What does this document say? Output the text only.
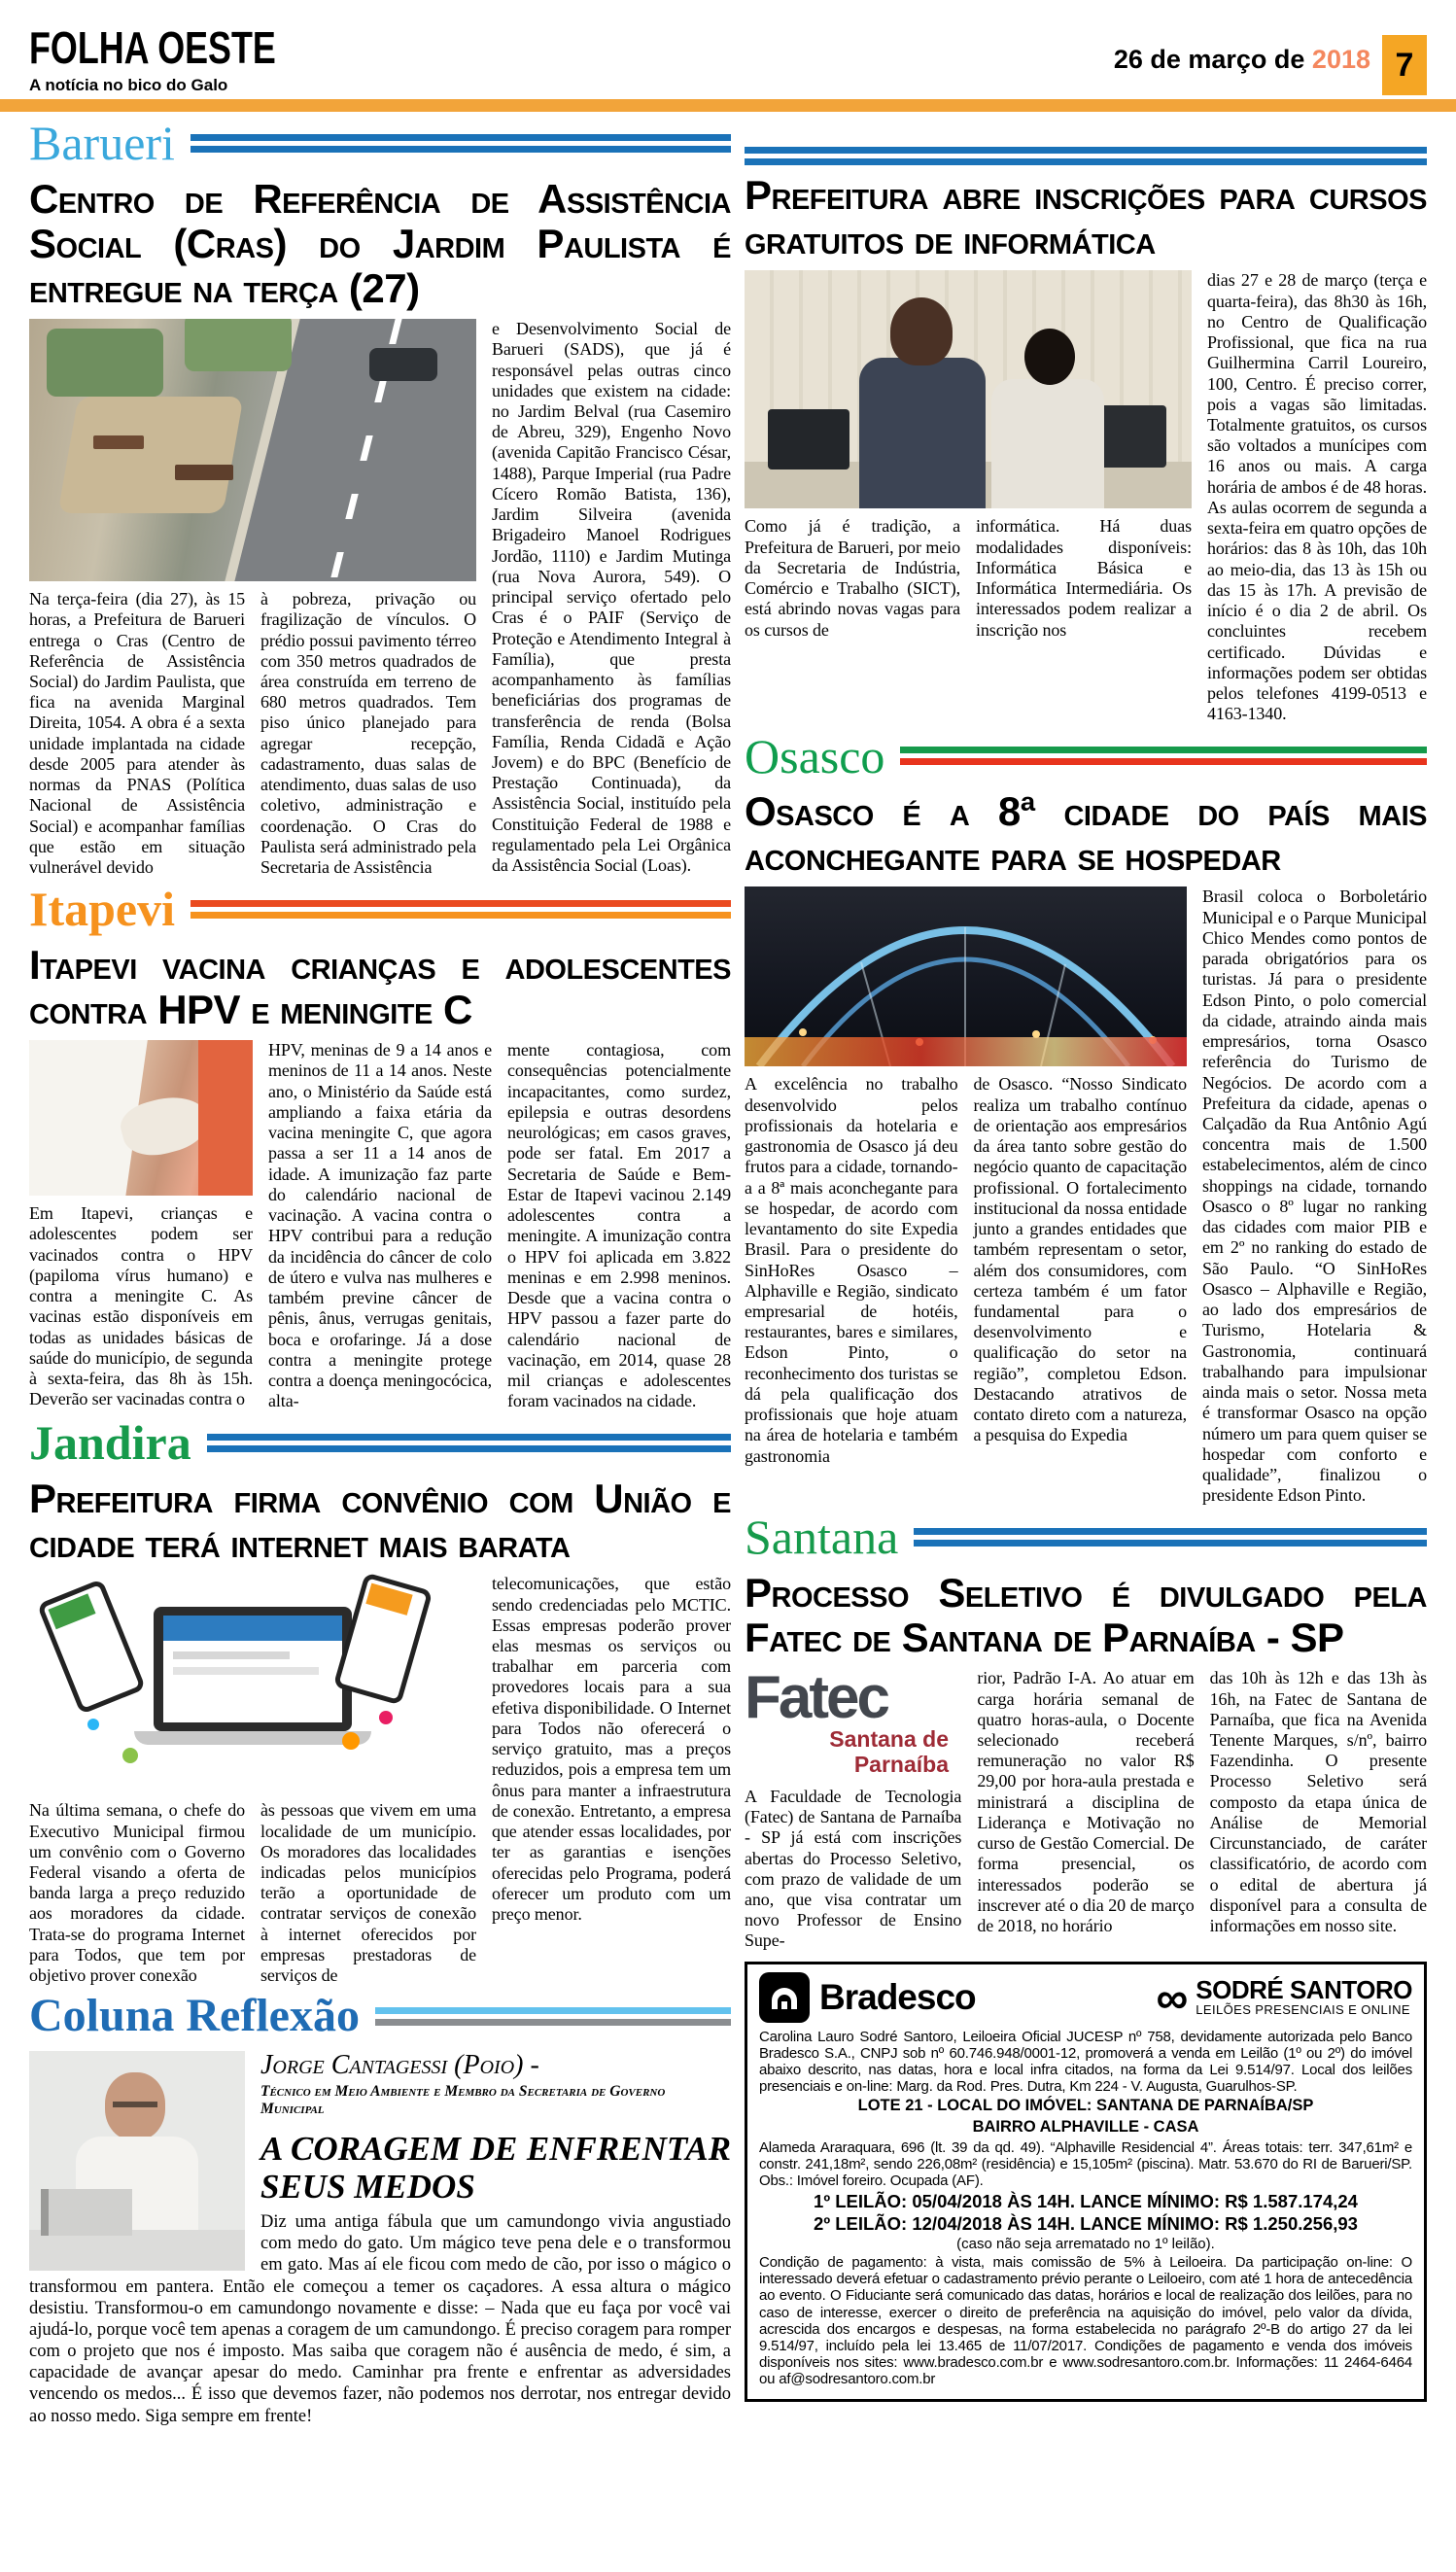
FOLHA OESTE
A notícia no bico do Galo
26 de março de 2018 7
Barueri
Centro de Referência de Assistência Social (Cras) do Jardim Paulista é entregue na terça (27)

Na terça-feira (dia 27), às 15 horas, a Prefeitura de Barueri entrega o Cras (Centro de Referência de Assistência Social) do Jardim Paulista, que fica na avenida Marginal Direita, 1054. A obra é a sexta unidade implantada na cidade desde 2005 para atender às normas da PNAS (Política Nacional de Assistência Social) e acompanhar famílias que estão em situação vulnerável devido

à pobreza, privação ou fragilização de vínculos. O prédio possui pavimento térreo com 350 metros quadrados de área construída em terreno de 680 metros quadrados. Tem piso único planejado para agregar recepção, cadastramento, duas salas de atendimento, duas salas de uso coletivo, administração e coordenação. O Cras do Paulista será administrado pela Secretaria de Assistência

e Desenvolvimento Social de Barueri (SADS), que já é responsável pelas outras cinco unidades que existem na cidade: no Jardim Belval (rua Casemiro de Abreu, 329), Engenho Novo (avenida Capitão Francisco César, 1488), Parque Imperial (rua Padre Cícero Romão Batista, 136), Jardim Silveira (avenida Brigadeiro Manoel Rodrigues Jordão, 1110) e Jardim Mutinga (rua Nova Aurora, 549). O principal serviço ofertado pelo Cras é o PAIF (Serviço de Proteção e Atendimento Integral à Família), que presta acompanhamento às famílias beneficiárias dos programas de transferência de renda (Bolsa Família, Renda Cidadã e Ação Jovem) e do BPC (Benefício de Prestação Continuada), da Assistência Social, instituído pela Constituição Federal de 1988 e regulamentado pela Lei Orgânica da Assistência Social (Loas).

Itapevi
Itapevi vacina crianças e adolescentes contra HPV e meningite C

Em Itapevi, crianças e adolescentes podem ser vacinados contra o HPV (papiloma vírus humano) e contra a meningite C. As vacinas estão disponíveis em todas as unidades básicas de saúde do município, de segunda à sexta-feira, das 8h às 15h. Deverão ser vacinadas contra o

HPV, meninas de 9 a 14 anos e meninos de 11 a 14 anos. Neste ano, o Ministério da Saúde está ampliando a faixa etária da vacina meningite C, que agora passa a ser 11 a 14 anos de idade. A imunização faz parte do calendário nacional de vacinação. A vacina contra o HPV contribui para a redução da incidência do câncer de colo de útero e vulva nas mulheres e também previne câncer de pênis, ânus, verrugas genitais, boca e orofaringe. Já a dose contra a meningite protege contra a doença meningocócica, alta-

mente contagiosa, com consequências potencialmente incapacitantes, como surdez, epilepsia e outras desordens neurológicas; em casos graves, pode ser fatal. Em 2017 a Secretaria de Saúde e Bem-Estar de Itapevi vacinou 2.149 adolescentes contra a meningite. A imunização contra o HPV foi aplicada em 3.822 meninas e em 2.998 meninos. Desde que a vacina contra o HPV passou a fazer parte do calendário nacional de vacinação, em 2014, quase 28 mil crianças e adolescentes foram vacinados na cidade.

Jandira
Prefeitura firma convênio com União e cidade terá internet mais barata

Na última semana, o chefe do Executivo Municipal firmou um convênio com o Governo Federal visando a oferta de banda larga a preço reduzido aos moradores da cidade. Trata-se do programa Internet para Todos, que tem por objetivo prover conexão

às pessoas que vivem em uma localidade de um município. Os moradores das localidades indicadas pelos municípios terão a oportunidade de contratar serviços de conexão à internet oferecidos por empresas prestadoras de serviços de

telecomunicações, que estão sendo credenciadas pelo MCTIC. Essas empresas poderão prover elas mesmas os serviços ou trabalhar em parceria com provedores locais para a sua efetiva disponibilidade. O Internet para Todos não oferecerá o serviço gratuito, mas a preços reduzidos, pois a empresa tem um ônus para manter a infraestrutura de conexão. Entretanto, a empresa que atender essas localidades, por ter as garantias e isenções oferecidas pelo Programa, poderá oferecer um produto com um preço menor.

Coluna Reflexão
Jorge Cantagessi (Poio) -
Técnico em Meio Ambiente e Membro da Secretaria de Governo Municipal
A CORAGEM DE ENFRENTAR SEUS MEDOS

Diz uma antiga fábula que um camundongo vivia angustiado com medo do gato. Um mágico teve pena dele e o transformou em gato. Mas aí ele ficou com medo de cão, por isso o mágico o transformou em pantera. Então ele começou a temer os caçadores. A essa altura o mágico desistiu. Transformou-o em camundongo novamente e disse: – Nada que eu faça por você vai ajudá-lo, porque você tem apenas a coragem de um camundongo. É preciso coragem para romper com o projeto que nos é imposto. Mas saiba que coragem não é ausência de medo, é sim, a capacidade de avançar apesar do medo. Caminhar pra frente e enfrentar as adversidades vencendo os medos... É isso que devemos fazer, não podemos nos derrotar, nos entregar devido ao nosso medo. Siga sempre em frente!

Prefeitura abre inscrições para cursos gratuitos de informática

Como já é tradição, a Prefeitura de Barueri, por meio da Secretaria de Indústria, Comércio e Trabalho (SICT), está abrindo novas vagas para os cursos de

informática. Há duas modalidades disponíveis: Informática Básica e Informática Intermediária. Os interessados podem realizar a inscrição nos

dias 27 e 28 de março (terça e quarta-feira), das 8h30 às 16h, no Centro de Qualificação Profissional, que fica na rua Guilhermina Carril Loureiro, 100, Centro. É preciso correr, pois a vagas são limitadas. Totalmente gratuitos, os cursos são voltados a munícipes com 16 anos ou mais. A carga horária de ambos é de 48 horas. As aulas ocorrem de segunda a sexta-feira em quatro opções de horários: das 8 às 10h, das 10h ao meio-dia, das 13 às 15h ou das 15 às 17h. A previsão de início é o dia 2 de abril. Os concluintes recebem certificado. Dúvidas e informações podem ser obtidas pelos telefones 4199-0513 e 4163-1340.

Osasco
Osasco é a 8ª cidade do país mais aconchegante para se hospedar

A excelência no trabalho desenvolvido pelos profissionais da hotelaria e gastronomia de Osasco já deu frutos para a cidade, tornando-a a 8ª mais aconchegante para se hospedar, de acordo com levantamento do site Expedia Brasil. Para o presidente do SinHoRes Osasco – Alphaville e Região, sindicato empresarial de hotéis, restaurantes, bares e similares, Edson Pinto, o reconhecimento dos turistas se dá pela qualificação dos profissionais que hoje atuam na área de hotelaria e também gastronomia

de Osasco. “Nosso Sindicato realiza um trabalho contínuo de orientação aos empresários da área tanto sobre gestão do negócio quanto de capacitação profissional. O fortalecimento institucional da nossa entidade junto a grandes entidades que também representam o setor, além dos consumidores, com certeza também é um fator fundamental para o desenvolvimento e qualificação do setor na região”, completou Edson. Destacando atrativos de contato direto com a natureza, a pesquisa do Expedia

Brasil coloca o Borboletário Municipal e o Parque Municipal Chico Mendes como pontos de parada obrigatórios para os turistas. Já para o presidente Edson Pinto, o polo comercial da cidade, atraindo ainda mais empresários, torna Osasco referência do Turismo de Negócios. De acordo com a Prefeitura da cidade, apenas o Calçadão da Rua Antônio Agú concentra mais de 1.500 estabelecimentos, além de cinco shoppings na cidade, tornando Osasco o 8º lugar no ranking das cidades com maior PIB e em 2º no ranking do estado de São Paulo. “O SinHoRes Osasco – Alphaville e Região, ao lado dos empresários de Turismo, Hotelaria & Gastronomia, continuará trabalhando para impulsionar ainda mais o setor. Nossa meta é transformar Osasco na opção número um para quem quiser se hospedar com conforto e qualidade”, finalizou o presidente Edson Pinto.

Santana
Processo Seletivo é divulgado pela Fatec de Santana de Parnaíba - SP
Fatec
Santana de
Parnaíba

A Faculdade de Tecnologia (Fatec) de Santana de Parnaíba - SP já está com inscrições abertas do Processo Seletivo, com prazo de validade de um ano, que visa contratar um novo Professor de Ensino Supe-

rior, Padrão I-A. Ao atuar em carga horária semanal de quatro horas-aula, o Docente selecionado receberá remuneração no valor R$ 29,00 por hora-aula prestada e ministrará a disciplina de Liderança e Motivação no curso de Gestão Comercial. De forma presencial, os interessados poderão se inscrever até o dia 20 de março de 2018, no horário

das 10h às 12h e das 13h às 16h, na Fatec de Santana de Parnaíba, que fica na Avenida Tenente Marques, s/nº, bairro Fazendinha. O presente Processo Seletivo será composto da etapa única de Análise de Memorial Circunstanciado, de caráter classificatório, de acordo com o edital de abertura já disponível para a consulta de informações em nosso site.

Bradesco	∞ SODRÉ SANTORO
LEILÕES PRESENCIAIS E ONLINE

Carolina Lauro Sodré Santoro, Leiloeira Oficial JUCESP nº 758, devidamente autorizada pelo Banco Bradesco S.A., CNPJ sob nº 60.746.948/0001-12, promoverá a venda em Leilão (1º ou 2º) do imóvel abaixo descrito, nas datas, hora e local infra citados, na forma da Lei 9.514/97. Local dos leilões presenciais e on-line: Marg. da Rod. Pres. Dutra, Km 224 - V. Augusta, Guarulhos-SP.

LOTE 21 - LOCAL DO IMÓVEL: SANTANA DE PARNAÍBA/SP
BAIRRO ALPHAVILLE - CASA

Alameda Araraquara, 696 (lt. 39 da qd. 49). “Alphaville Residencial 4”. Áreas totais: terr. 347,61m² e constr. 241,18m², sendo 226,08m² (residência) e 15,105m² (piscina). Matr. 53.670 do RI de Barueri/SP. Obs.: Imóvel foreiro. Ocupada (AF).

1º LEILÃO: 05/04/2018 ÀS 14H. LANCE MÍNIMO: R$ 1.587.174,24
2º LEILÃO: 12/04/2018 ÀS 14H. LANCE MÍNIMO: R$ 1.250.256,93
(caso não seja arrematado no 1º leilão).

Condição de pagamento: à vista, mais comissão de 5% à Leiloeira. Da participação on-line: O interessado deverá efetuar o cadastramento prévio perante o Leiloeiro, com até 1 hora de antecedência ao evento. O Fiduciante será comunicado das datas, horários e local de realização dos leilões, para no caso de interesse, exercer o direito de preferência na aquisição do imóvel, pelo valor da dívida, acrescida dos encargos e despesas, na forma estabelecida no parágrafo 2º-B do artigo 27 da lei 9.514/97, incluído pela lei 13.465 de 11/07/2017. Condições de pagamento e venda dos imóveis disponíveis nos sites: www.bradesco.com.br e www.sodresantoro.com.br. Informações: 11 2464-6464 ou af@sodresantoro.com.br
